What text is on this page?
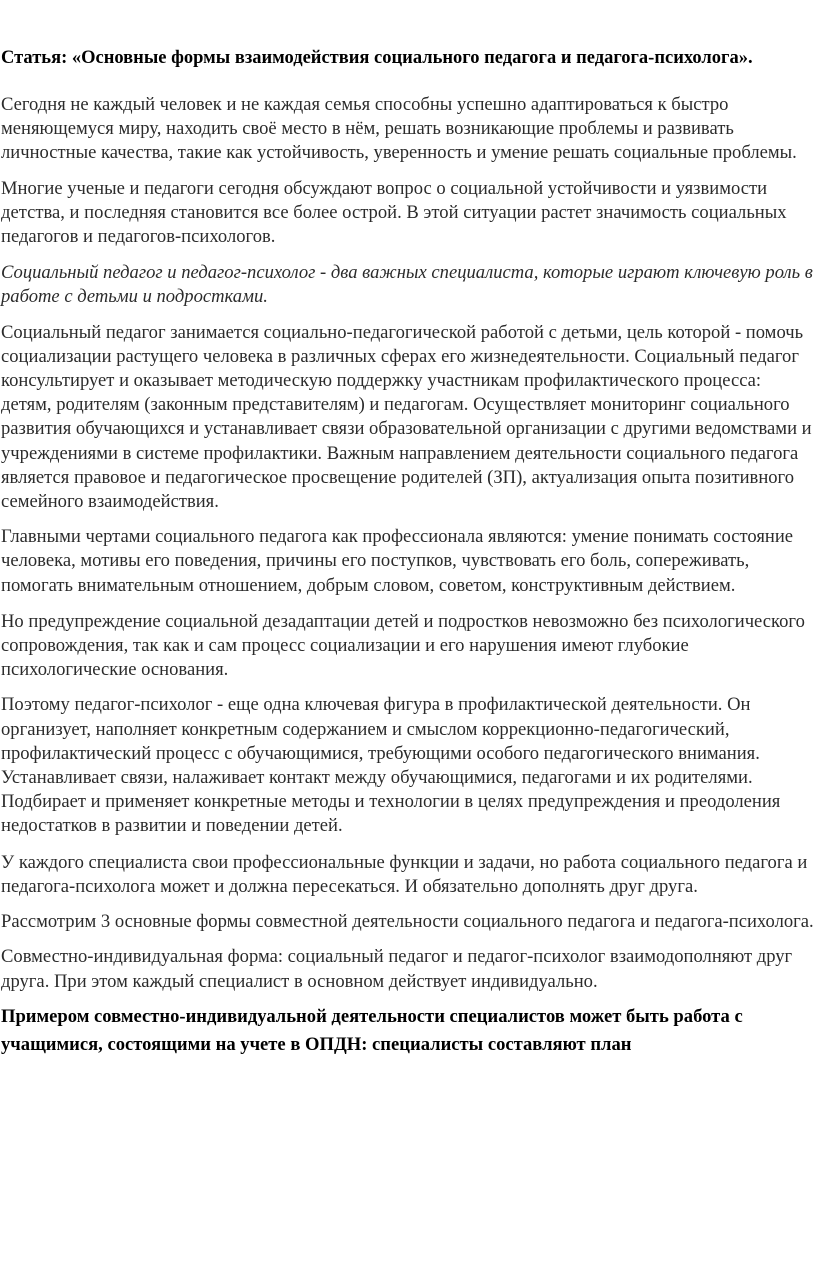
Статья: «Основные формы взаимодействия социального педагога и педагога-психолога».

Сегодня не каждый человек и не каждая семья способны успешно адаптироваться к быстро меняющемуся миру, находить своё место в нём, решать возникающие проблемы и развивать личностные качества, такие как устойчивость, уверенность и умение решать социальные проблемы.

Многие ученые и педагоги сегодня обсуждают вопрос о социальной устойчивости и уязвимости детства, и последняя становится все более острой. В этой ситуации растет значимость социальных педагогов и педагогов-психологов.

Социальный педагог и педагог-психолог - два важных специалиста, которые играют ключевую роль в работе с детьми и подростками.

Социальный педагог занимается социально-педагогической работой с детьми, цель которой - помочь социализации растущего человека в различных сферах его жизнедеятельности. Социальный педагог консультирует и оказывает методическую поддержку участникам профилактического процесса: детям, родителям (законным представителям) и педагогам. Осуществляет мониторинг социального развития обучающихся и устанавливает связи образовательной организации с другими ведомствами и учреждениями в системе профилактики. Важным направлением деятельности социального педагога является правовое и педагогическое просвещение родителей (ЗП), актуализация опыта позитивного семейного взаимодействия.

Главными чертами социального педагога как профессионала являются: умение понимать состояние человека, мотивы его поведения, причины его поступков, чувствовать его боль, сопереживать, помогать внимательным отношением, добрым словом, советом, конструктивным действием.

Но предупреждение социальной дезадаптации детей и подростков невозможно без психологического сопровождения, так как и сам процесс социализации и его нарушения имеют глубокие психологические основания.

Поэтому педагог-психолог - еще одна ключевая фигура в профилактической деятельности. Он организует, наполняет конкретным содержанием и смыслом коррекционно-педагогический, профилактический процесс с обучающимися, требующими особого педагогического внимания. Устанавливает связи, налаживает контакт между обучающимися, педагогами и их родителями. Подбирает и применяет конкретные методы и технологии в целях предупреждения и преодоления недостатков в развитии и поведении детей.

У каждого специалиста свои профессиональные функции и задачи, но работа социального педагога и педагога-психолога может и должна пересекаться. И обязательно дополнять друг друга.

Рассмотрим 3 основные формы совместной деятельности социального педагога и педагога-психолога.

Совместно-индивидуальная форма: социальный педагог и педагог-психолог взаимодополняют друг друга. При этом каждый специалист в основном действует индивидуально.

Примером совместно-индивидуальной деятельности специалистов может быть работа с учащимися, состоящими на учете в ОПДН: специалисты составляют план
